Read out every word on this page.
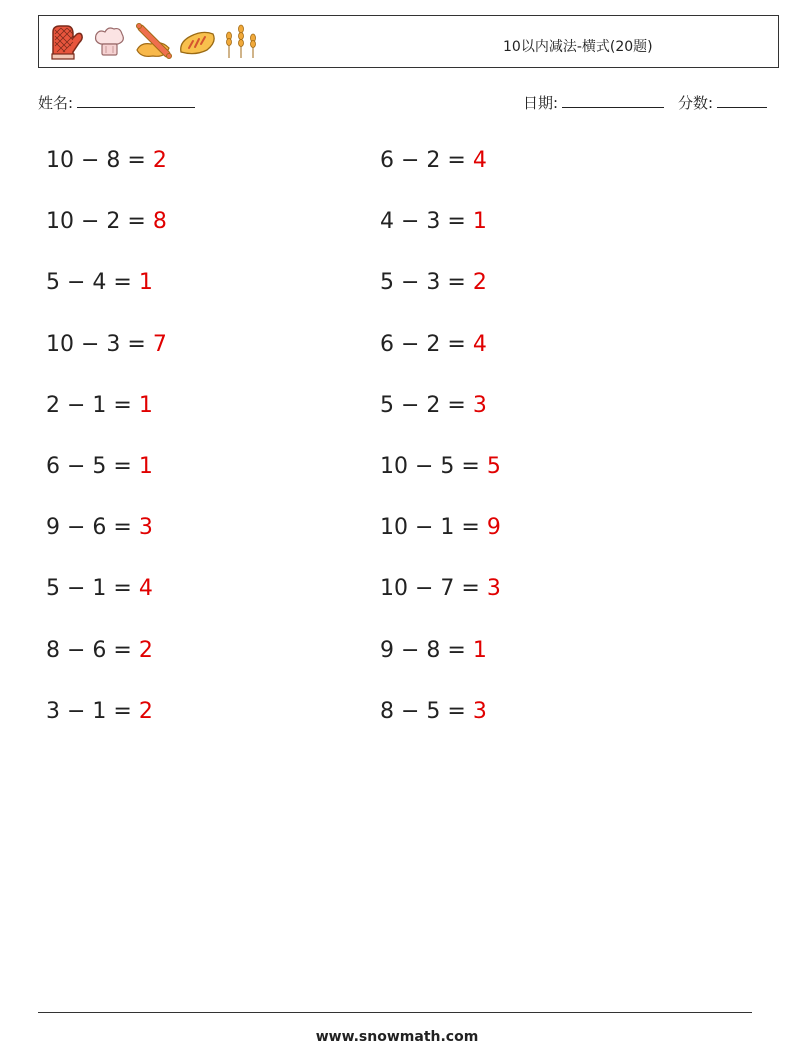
10以内减法-横式(20题)
姓名:	日期:	分数:
10 − 8 = 2
10 − 2 = 8
5 − 4 = 1
10 − 3 = 7
2 − 1 = 1
6 − 5 = 1
9 − 6 = 3
5 − 1 = 4
8 − 6 = 2
3 − 1 = 2
6 − 2 = 4
4 − 3 = 1
5 − 3 = 2
6 − 2 = 4
5 − 2 = 3
10 − 5 = 5
10 − 1 = 9
10 − 7 = 3
9 − 8 = 1
8 − 5 = 3
www.snowmath.com
